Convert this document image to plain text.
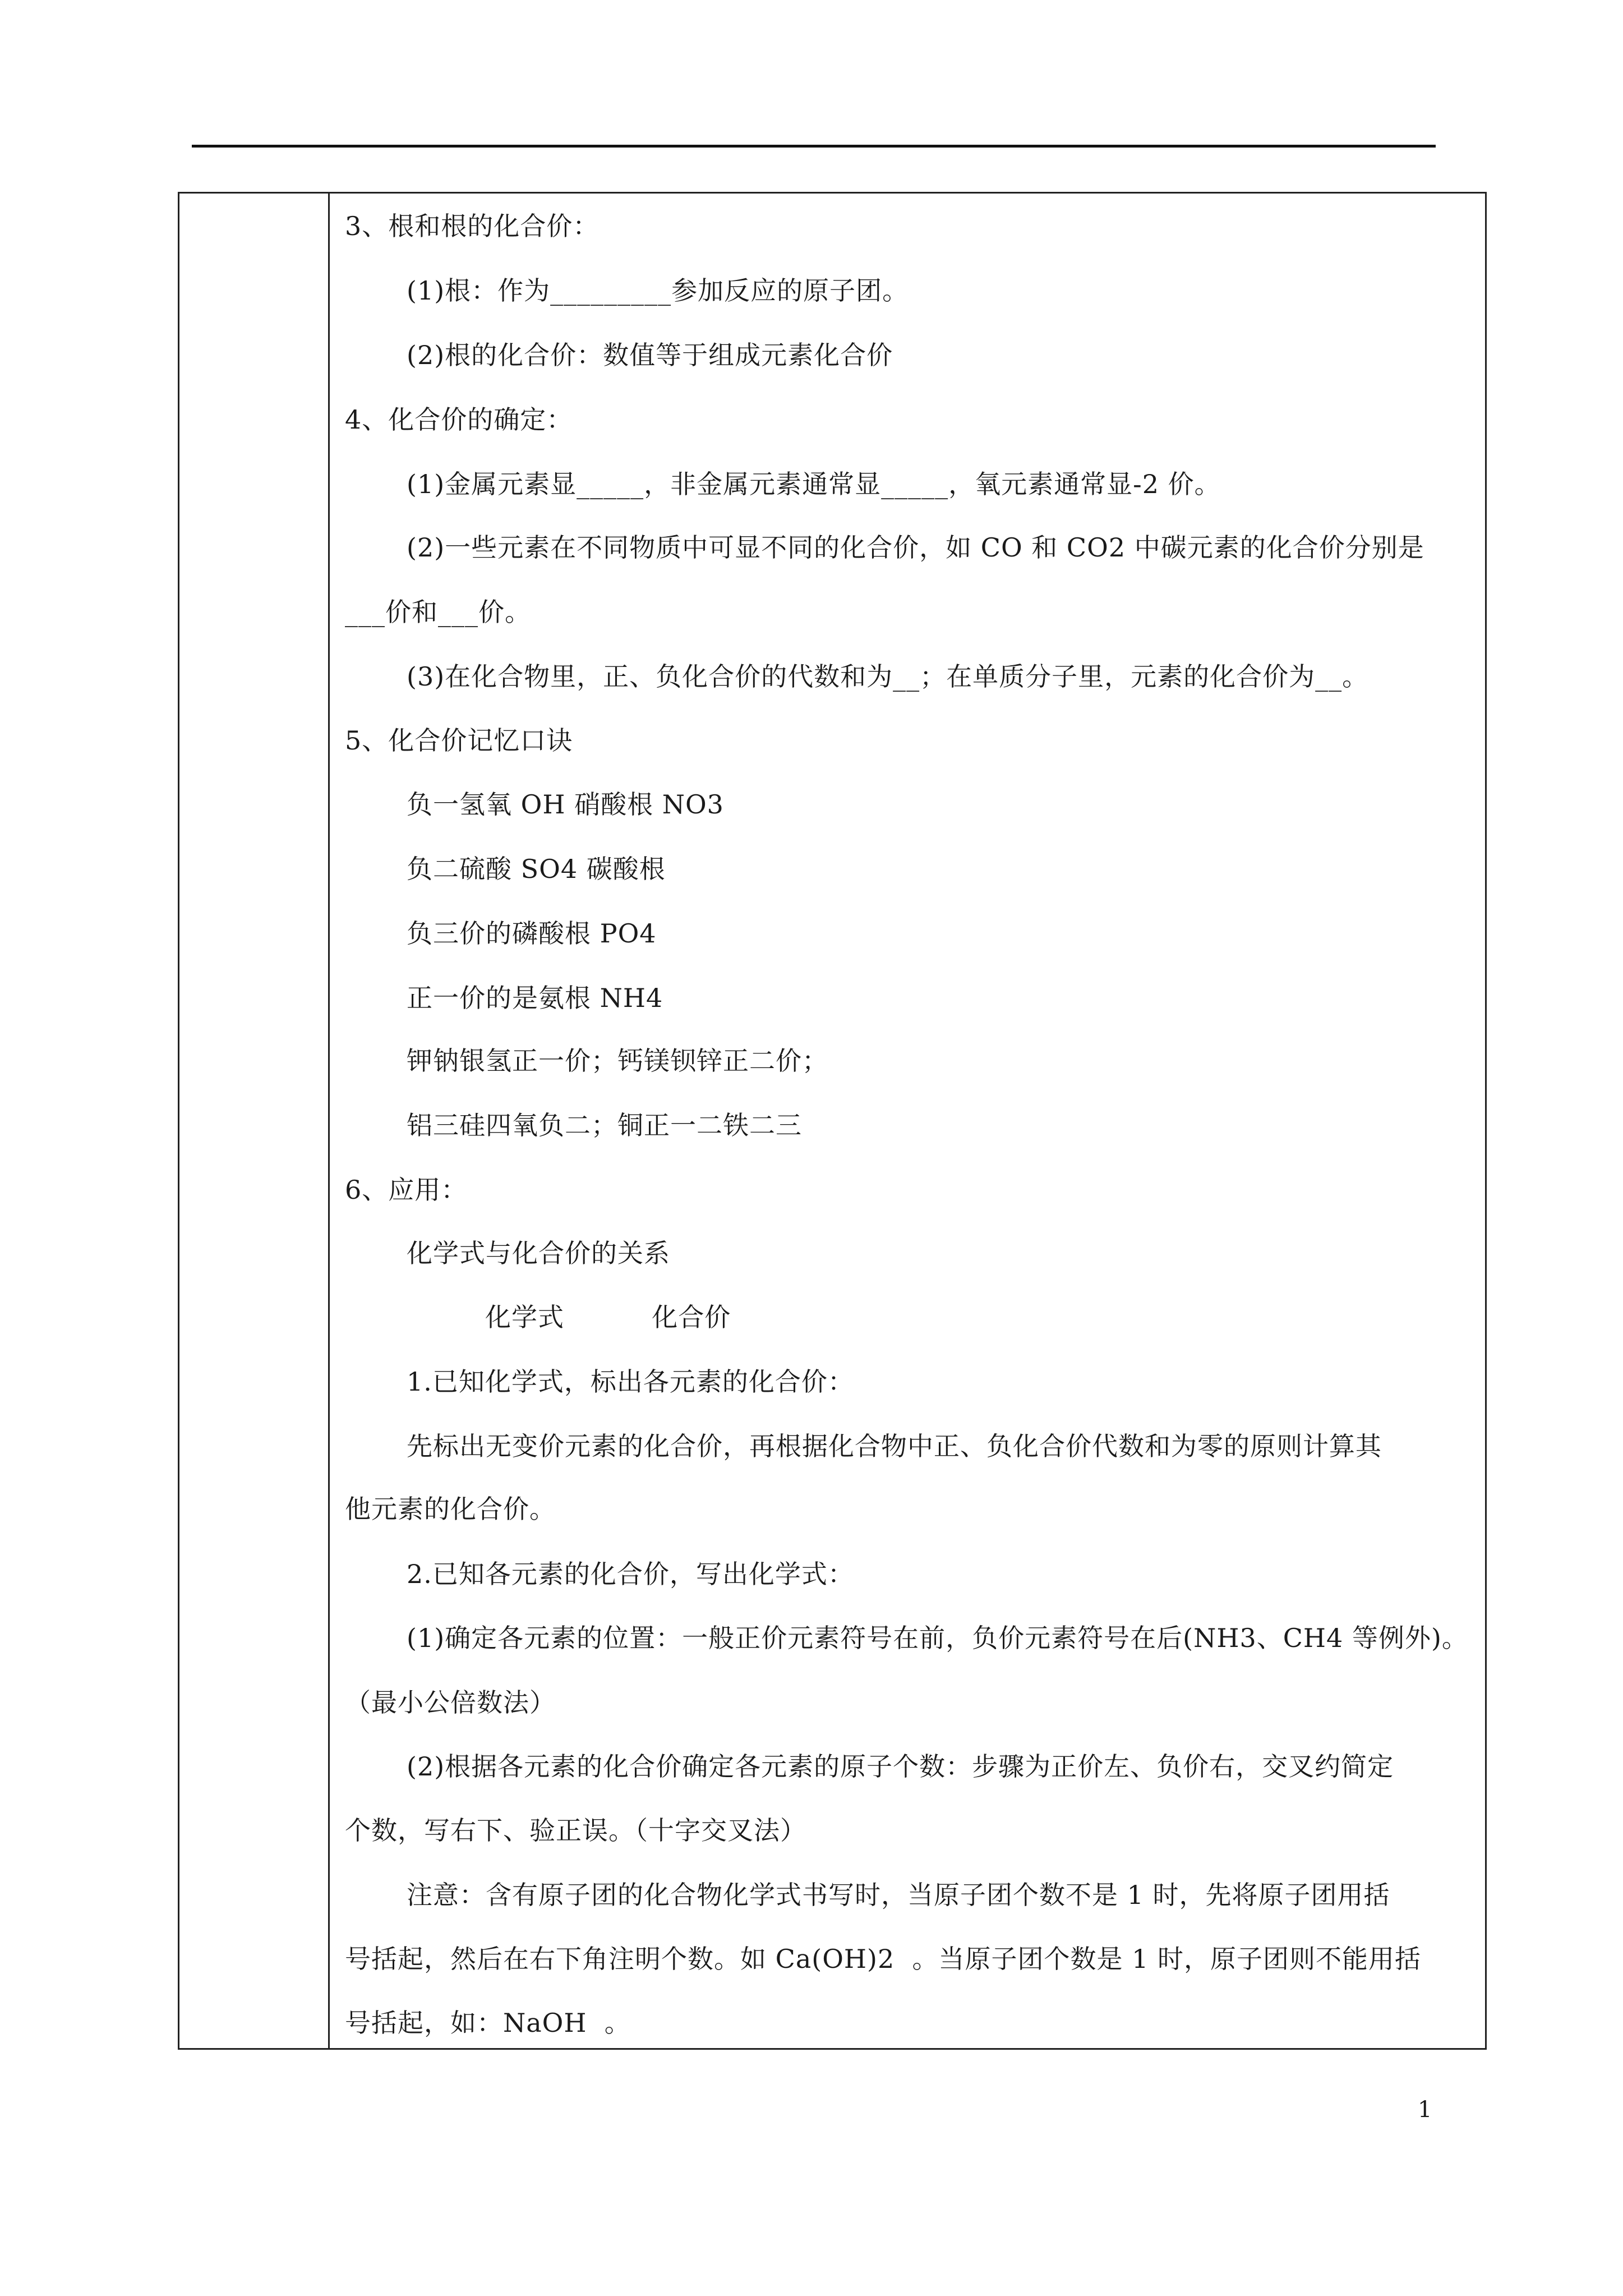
3、根和根的化合价：
(1)根：作为_________参加反应的原子团。
(2)根的化合价：数值等于组成元素化合价
4、化合价的确定：
(1)金属元素显_____，非金属元素通常显_____，氧元素通常显-2 价。
(2)一些元素在不同物质中可显不同的化合价，如 CO 和 CO2 中碳元素的化合价分别是
___价和___价。
(3)在化合物里，正、负化合价的代数和为__；在单质分子里，元素的化合价为__。
5、化合价记忆口诀
负一氢氧 OH 硝酸根 NO3
负二硫酸 SO4 碳酸根
负三价的磷酸根 PO4
正一价的是氨根 NH4
钾钠银氢正一价；钙镁钡锌正二价；
铝三硅四氧负二；铜正一二铁二三
6、应用：
化学式与化合价的关系
化学式          化合价
1.已知化学式，标出各元素的化合价：
先标出无变价元素的化合价，再根据化合物中正、负化合价代数和为零的原则计算其
他元素的化合价。
2.已知各元素的化合价，写出化学式：
(1)确定各元素的位置：一般正价元素符号在前，负价元素符号在后(NH3、CH4 等例外)。
（最小公倍数法）
(2)根据各元素的化合价确定各元素的原子个数：步骤为正价左、负价右，交叉约简定
个数，写右下、验正误。（十字交叉法）
注意：含有原子团的化合物化学式书写时，当原子团个数不是 1 时，先将原子团用括
号括起，然后在右下角注明个数。如 Ca(OH)2  。当原子团个数是 1 时，原子团则不能用括
号括起，如：NaOH  。
1
